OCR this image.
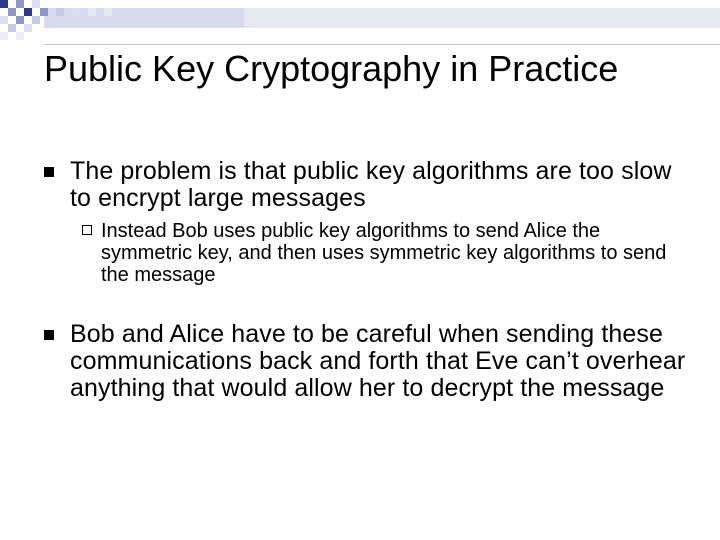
Public Key Cryptography in Practice
The problem is that public key algorithms are too slow to encrypt large messages
Instead Bob uses public key algorithms to send Alice the symmetric key, and then uses symmetric key algorithms to send the message
Bob and Alice have to be careful when sending these communications back and forth that Eve can’t overhear anything that would allow her to decrypt the message
